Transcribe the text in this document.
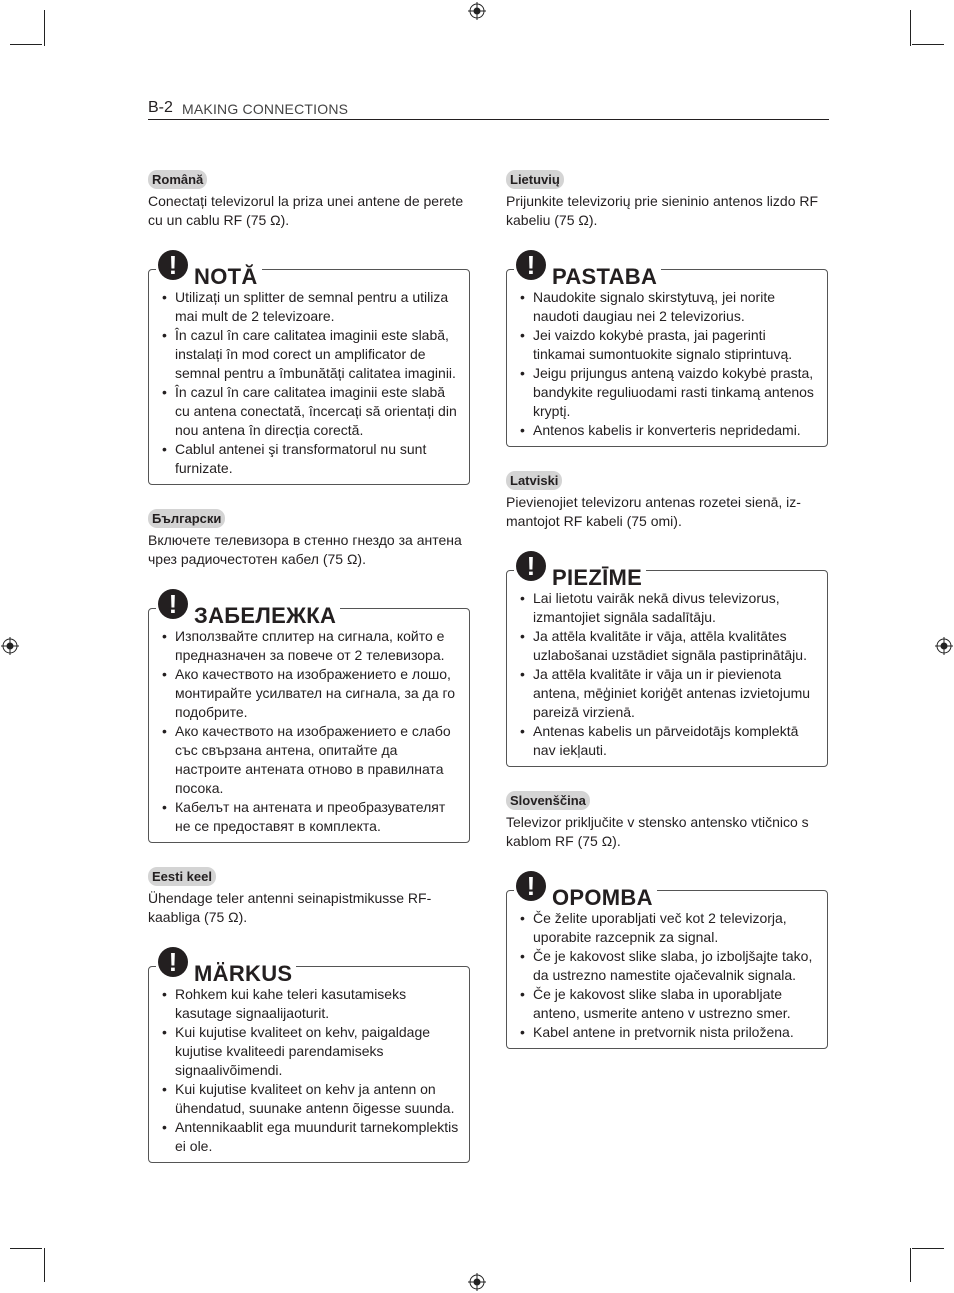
B-2 MAKING CONNECTIONS
Română
Conectați televizorul la priza unei antene de perete cu un cablu RF (75 Ω).
! NOTĂ
• Utilizați un splitter de semnal pentru a utiliza mai mult de 2 televizoare.
• În cazul în care calitatea imaginii este slabă, instalați în mod corect un amplificator de semnal pentru a îmbunătăți calitatea imaginii.
• În cazul în care calitatea imaginii este slabă cu antena conectată, încercați să orientați din nou antena în direcția corectă.
• Cablul antenei şi transformatorul nu sunt furnizate.
Български
Включете телевизора в стенно гнездо за антена чрез радиочестотен кабел (75 Ω).
! ЗАБЕЛЕЖКА
• Използвайте сплитер на сигнала, който е предназначен за повече от 2 телевизора.
• Ако качеството на изображението е лошо, монтирайте усилвател на сигнала, за да го подобрите.
• Ако качеството на изображението е слабо със свързана антена, опитайте да настроите антената отново в правилната посока.
• Кабелът на антената и преобразувателят не се предоставят в комплекта.
Eesti keel
Ühendage teler antenni seinapistmikusse RF-kaabliga (75 Ω).
! MÄRKUS
• Rohkem kui kahe teleri kasutamiseks kasutage signaalijaoturit.
• Kui kujutise kvaliteet on kehv, paigaldage kujutise kvaliteedi parendamiseks signaalivõimendi.
• Kui kujutise kvaliteet on kehv ja antenn on ühendatud, suunake antenn õigesse suunda.
• Antennikaablit ega muundurit tarnekomplektis ei ole.
Lietuvių
Prijunkite televizorių prie sieninio antenos lizdo RF kabeliu (75 Ω).
! PASTABA
• Naudokite signalo skirstytuvą, jei norite naudoti daugiau nei 2 televizorius.
• Jei vaizdo kokybė prasta, jai pagerinti tinkamai sumontuokite signalo stiprintuvą.
• Jeigu prijungus anteną vaizdo kokybė prasta, bandykite reguliuodami rasti tinkamą antenos kryptį.
• Antenos kabelis ir konverteris nepridedami.
Latviski
Pievienojiet televizoru antenas rozetei sienā, iz-mantojot RF kabeli (75 omi).
! PIEZĪME
• Lai lietotu vairāk nekā divus televizorus, izmantojiet signāla sadalītāju.
• Ja attēla kvalitāte ir vāja, attēla kvalitātes uzlabošanai uzstādiet signāla pastiprinātāju.
• Ja attēla kvalitāte ir vāja un ir pievienota antena, mēģiniet koriģēt antenas izvietojumu pareizā virzienā.
• Antenas kabelis un pārveidotājs komplektā nav iekļauti.
Slovenščina
Televizor priključite v stensko antensko vtičnico s kablom RF (75 Ω).
! OPOMBA
• Če želite uporabljati več kot 2 televizorja, uporabite razcepnik za signal.
• Če je kakovost slike slaba, jo izboljšajte tako, da ustrezno namestite ojačevalnik signala.
• Če je kakovost slike slaba in uporabljate anteno, usmerite anteno v ustrezno smer.
• Kabel antene in pretvornik nista priložena.
